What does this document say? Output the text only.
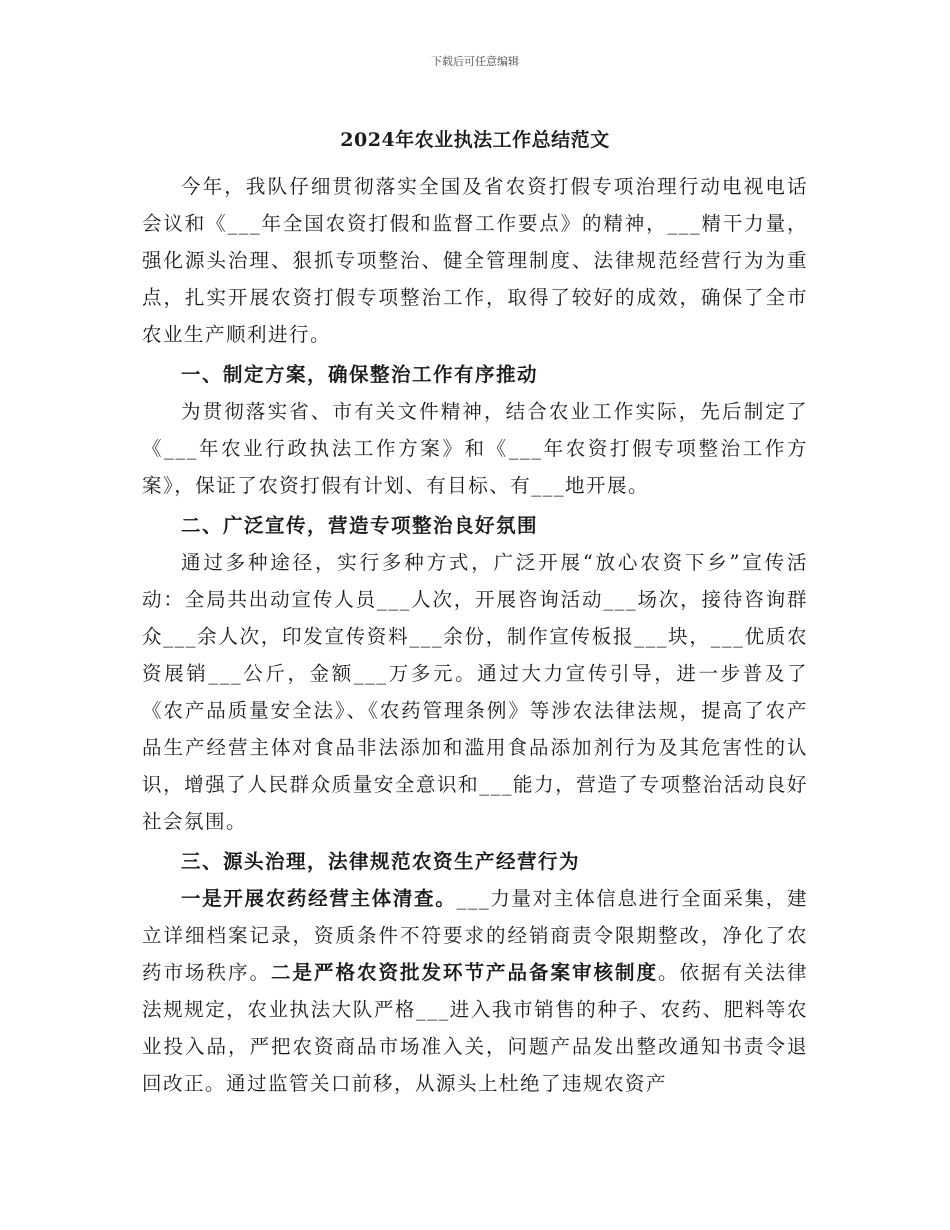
下载后可任意编辑
2024年农业执法工作总结范文

今年，我队仔细贯彻落实全国及省农资打假专项治理行动电视电话会议和《___年全国农资打假和监督工作要点》的精神，___精干力量，强化源头治理、狠抓专项整治、健全管理制度、法律规范经营行为为重点，扎实开展农资打假专项整治工作，取得了较好的成效，确保了全市农业生产顺利进行。

一、制定方案，确保整治工作有序推动

为贯彻落实省、市有关文件精神，结合农业工作实际，先后制定了《___年农业行政执法工作方案》和《___年农资打假专项整治工作方案》，保证了农资打假有计划、有目标、有___地开展。

二、广泛宣传，营造专项整治良好氛围

通过多种途径，实行多种方式，广泛开展“放心农资下乡”宣传活动：全局共出动宣传人员___人次，开展咨询活动___场次，接待咨询群众___余人次，印发宣传资料___余份，制作宣传板报___块，___优质农资展销___公斤，金额___万多元。通过大力宣传引导，进一步普及了《农产品质量安全法》、《农药管理条例》等涉农法律法规，提高了农产品生产经营主体对食品非法添加和滥用食品添加剂行为及其危害性的认识，增强了人民群众质量安全意识和___能力，营造了专项整治活动良好社会氛围。

三、源头治理，法律规范农资生产经营行为

一是开展农药经营主体清查。___力量对主体信息进行全面采集，建立详细档案记录，资质条件不符要求的经销商责令限期整改，净化了农药市场秩序。二是严格农资批发环节产品备案审核制度。依据有关法律法规规定，农业执法大队严格___进入我市销售的种子、农药、肥料等农业投入品，严把农资商品市场准入关，问题产品发出整改通知书责令退回改正。通过监管关口前移，从源头上杜绝了违规农资产
